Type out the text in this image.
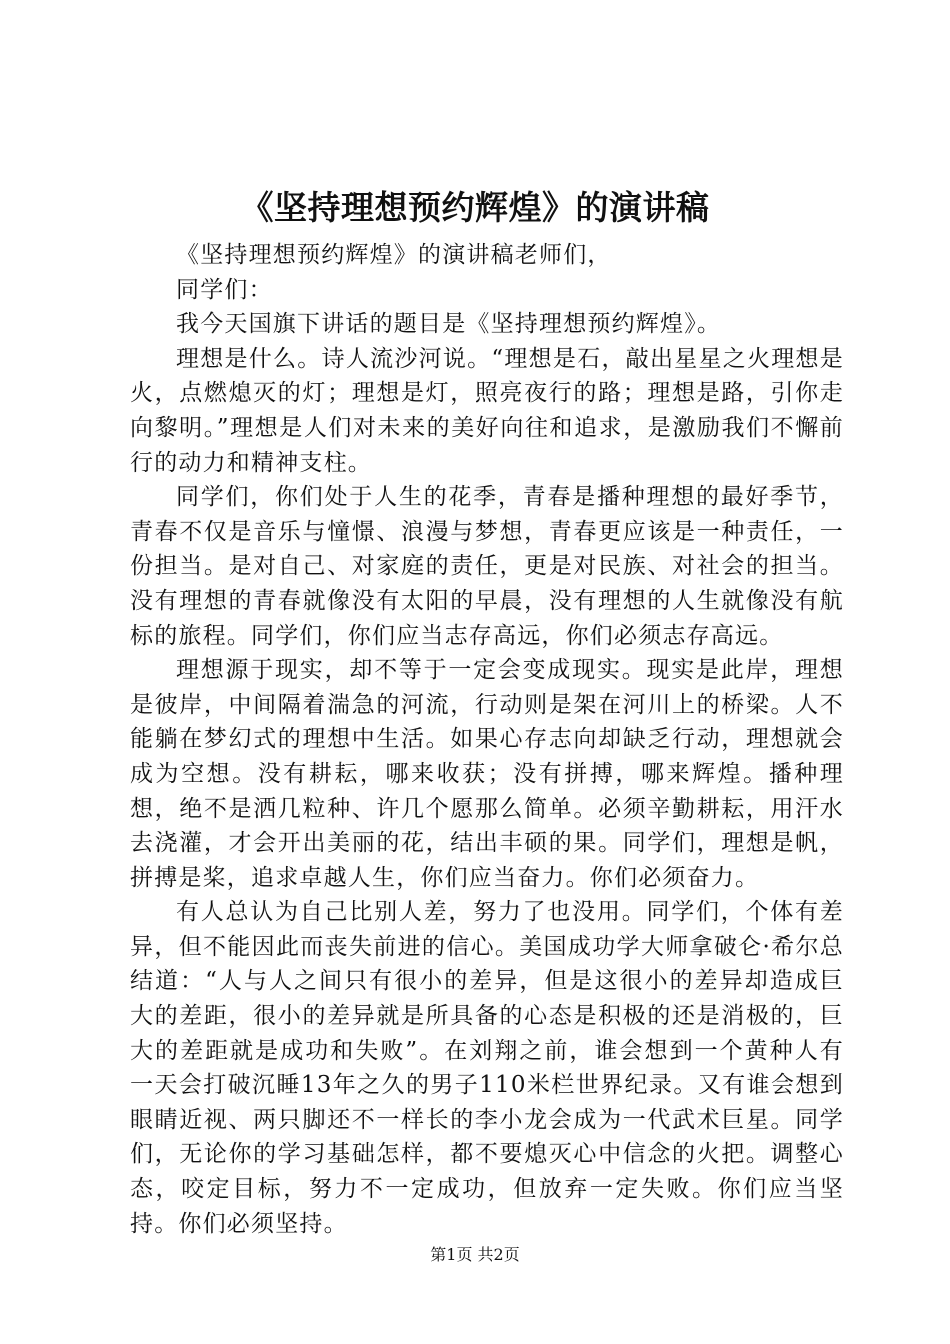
《坚持理想预约辉煌》的演讲稿

《坚持理想预约辉煌》的演讲稿老师们，

同学们：

我今天国旗下讲话的题目是《坚持理想预约辉煌》。

理想是什么。诗人流沙河说。“理想是石，敲出星星之火理想是火，点燃熄灭的灯；理想是灯，照亮夜行的路；理想是路，引你走向黎明。”理想是人们对未来的美好向往和追求，是激励我们不懈前行的动力和精神支柱。

同学们，你们处于人生的花季，青春是播种理想的最好季节，青春不仅是音乐与憧憬、浪漫与梦想，青春更应该是一种责任，一份担当。是对自己、对家庭的责任，更是对民族、对社会的担当。没有理想的青春就像没有太阳的早晨，没有理想的人生就像没有航标的旅程。同学们，你们应当志存高远，你们必须志存高远。

理想源于现实，却不等于一定会变成现实。现实是此岸，理想是彼岸，中间隔着湍急的河流，行动则是架在河川上的桥梁。人不能躺在梦幻式的理想中生活。如果心存志向却缺乏行动，理想就会成为空想。没有耕耘，哪来收获；没有拼搏，哪来辉煌。播种理想，绝不是洒几粒种、许几个愿那么简单。必须辛勤耕耘，用汗水去浇灌，才会开出美丽的花，结出丰硕的果。同学们，理想是帆，拼搏是桨，追求卓越人生，你们应当奋力。你们必须奋力。

有人总认为自己比别人差，努力了也没用。同学们，个体有差异，但不能因此而丧失前进的信心。美国成功学大师拿破仑·希尔总结道：“人与人之间只有很小的差异，但是这很小的差异却造成巨大的差距，很小的差异就是所具备的心态是积极的还是消极的，巨大的差距就是成功和失败”。在刘翔之前，谁会想到一个黄种人有一天会打破沉睡13年之久的男子110米栏世界纪录。又有谁会想到眼睛近视、两只脚还不一样长的李小龙会成为一代武术巨星。同学们，无论你的学习基础怎样，都不要熄灭心中信念的火把。调整心态，咬定目标，努力不一定成功，但放弃一定失败。你们应当坚持。你们必须坚持。

第1页 共2页
